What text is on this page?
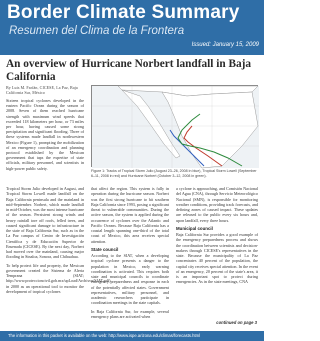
Border Climate Summary
Resumen del Clima de la Frontera
Issued: January 15, 2009
An overview of Hurricane Norbert landfall in Baja California
By Luis M. Farfán, CICESE, La Paz, Baja California Sur, México
Sixteen tropical cyclones developed in the eastern Pacific Ocean during the season of 2008. Seven of them reached hurricane strength with maximum wind speeds that exceeded 118 kilometers per hour, or 73 miles per hour, having caused some strong precipitation and significant flooding. Three of these systems made landfall in northwestern Mexico (Figure 1), prompting the mobilization of an emergency coordination and planning protocol established by the Mexican government that taps the expertise of state officials, military personnel, and scientists in high-power public safety.
Figure 1: Tracks of Tropical Storm Julio (August 23–26, 2008 in blue), Tropical Storm Lowell (September 6–11, 2008 in red) and Hurricane Norbert (October 3–12, 2008 in green).

Tropical Storm Julio developed in August, and Tropical Storm Lowell made landfall on the Baja California peninsula and the mainland in mid-September. Norbert, which made landfall in mid-October, was the most intense hurricane of the season. Persistent strong winds and heavy rainfall tore off roofs, felled trees, and caused significant damage to infrastructure in the state of Baja California Sur, such as in the La Paz campus of Centro de Investigación Científica y de Educación Superior de Ensenada (CICESE). By the next day, Norbert had moved over the mainland, causing major flooding in Sinaloa, Sonora, and Chihuahua.

To help protect life and property, the Mexican government created the Sistema de Alerta Temprana (SIAT; http://www.proteccioncivil.gob.mx/upLoad/Archivos/SIAT.pdf) in 2000 as an operational tool to monitor the development of tropical cyclones

that affect the region. This system is fully in operation during the hurricane season. Norbert was the first strong hurricane to hit southern Baja California since 1993, posing a significant threat to vulnerable communities. During the active season, the system is applied during the occurrence of cyclones over the Atlantic and Pacific Oceans. Because Baja California has a coastal length spanning one-third of the total coast of Mexico, this area receives special attention.

State council

According to the SIAT, when a developing tropical cyclone presents a danger to the population in Mexico, early warning coordination is activated. This requires both state and municipal councils to coordinate emergency preparedness and response in each of the potentially affected states. Government representatives, military personnel, and academic researchers participate in coordination meetings in the state capitals.

In Baja California Sur, for example, several emergency plans are activated when

a cyclone is approaching, and Comisión Nacional del Agua (CNA), through Servicio Meteorológico Nacional (SMN), is responsible for monitoring weather conditions, providing track forecasts, and defining zones of caused impact. These updates are released to the public every six hours and, upon landfall, every three hours.

Municipal council

Baja California Sur provides a good example of the emergency preparedness process and shows the coordination between scientists and decision-makers through CICESE's representatives in the state. Because the municipality of La Paz concentrates 40 percent of the population, the capital city receives special attention. In the event of an emergency, 20 percent of the state's area, it is an important spot to protect during emergencies. As in the state meetings, CNA

continued on page 3
The information in this packet is available on the web: http://www.ispe.arizona.edu/climas/forecasts.html
